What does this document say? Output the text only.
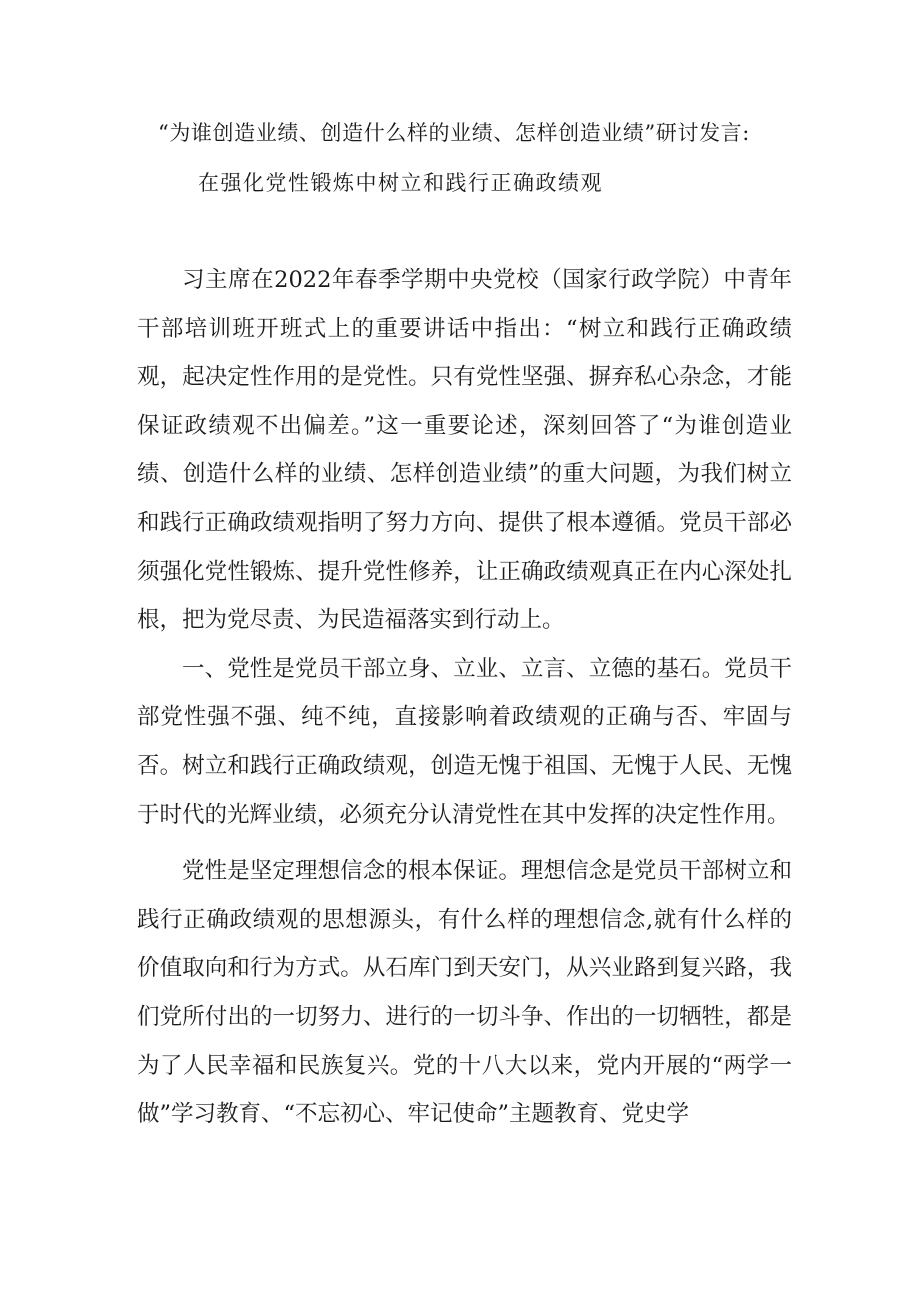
“为谁创造业绩、创造什么样的业绩、怎样创造业绩”研讨发言:
在强化党性锻炼中树立和践行正确政绩观

习主席在2022年春季学期中央党校（国家行政学院）中青年干部培训班开班式上的重要讲话中指出：“树立和践行正确政绩观，起决定性作用的是党性。只有党性坚强、摒弃私心杂念，才能保证政绩观不出偏差。”这一重要论述，深刻回答了“为谁创造业绩、创造什么样的业绩、怎样创造业绩”的重大问题，为我们树立和践行正确政绩观指明了努力方向、提供了根本遵循。党员干部必须强化党性锻炼、提升党性修养，让正确政绩观真正在内心深处扎根，把为党尽责、为民造福落实到行动上。

一、党性是党员干部立身、立业、立言、立德的基石。党员干部党性强不强、纯不纯，直接影响着政绩观的正确与否、牢固与否。树立和践行正确政绩观，创造无愧于祖国、无愧于人民、无愧于时代的光辉业绩，必须充分认清党性在其中发挥的决定性作用。

党性是坚定理想信念的根本保证。理想信念是党员干部树立和践行正确政绩观的思想源头，有什么样的理想信念,就有什么样的价值取向和行为方式。从石库门到天安门，从兴业路到复兴路，我们党所付出的一切努力、进行的一切斗争、作出的一切牺牲，都是为了人民幸福和民族复兴。党的十八大以来，党内开展的“两学一做”学习教育、“不忘初心、牢记使命”主题教育、党史学
